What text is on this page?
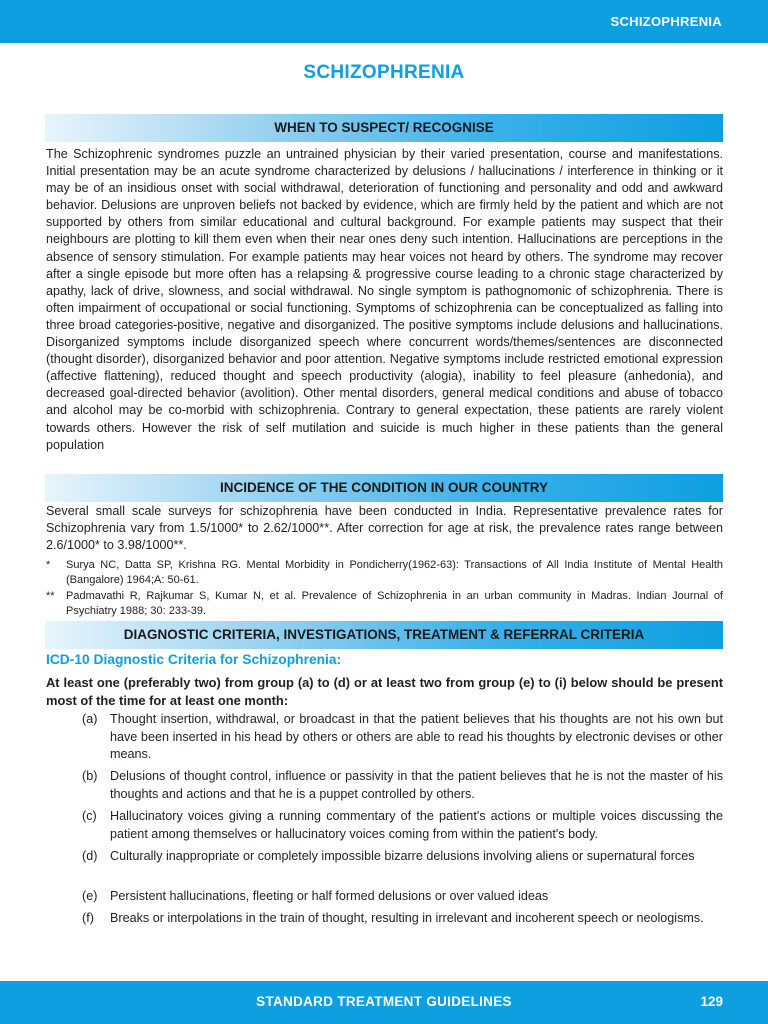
SCHIZOPHRENIA
SCHIZOPHRENIA
WHEN TO SUSPECT/ RECOGNISE

The Schizophrenic syndromes puzzle an untrained physician by their varied presentation, course and manifestations. Initial presentation may be an acute syndrome characterized by delusions / hallucinations / interference in thinking or it may be of an insidious onset with social withdrawal, deterioration of functioning and personality and odd and awkward behavior. Delusions are unproven beliefs not backed by evidence, which are firmly held by the patient and which are not supported by others from similar educational and cultural background. For example patients may suspect that their neighbours are plotting to kill them even when their near ones deny such intention. Hallucinations are perceptions in the absence of sensory stimulation. For example patients may hear voices not heard by others. The syndrome may recover after a single episode but more often has a relapsing & progressive course leading to a chronic stage characterized by apathy, lack of drive, slowness, and social withdrawal. No single symptom is pathognomonic of schizophrenia. There is often impairment of occupational or social functioning. Symptoms of schizophrenia can be conceptualized as falling into three broad categories-positive, negative and disorganized. The positive symptoms include delusions and hallucinations. Disorganized symptoms include disorganized speech where concurrent words/themes/sentences are disconnected (thought disorder), disorganized behavior and poor attention. Negative symptoms include restricted emotional expression (affective flattening), reduced thought and speech productivity (alogia), inability to feel pleasure (anhedonia), and decreased goal-directed behavior (avolition). Other mental disorders, general medical conditions and abuse of tobacco and alcohol may be co-morbid with schizophrenia. Contrary to general expectation, these patients are rarely violent towards others. However the risk of self mutilation and suicide is much higher in these patients than the general population

INCIDENCE OF THE CONDITION IN OUR COUNTRY

Several small scale surveys for schizophrenia have been conducted in India. Representative prevalence rates for Schizophrenia vary from 1.5/1000* to 2.62/1000**. After correction for age at risk, the prevalence rates range between 2.6/1000* to 3.98/1000**.

* Surya NC, Datta SP, Krishna RG. Mental Morbidity in Pondicherry(1962-63): Transactions of All India Institute of Mental Health (Bangalore) 1964;A: 50-61.
** Padmavathi R, Rajkumar S, Kumar N, et al. Prevalence of Schizophrenia in an urban community in Madras. Indian Journal of Psychiatry 1988; 30: 233-39.
DIAGNOSTIC CRITERIA, INVESTIGATIONS, TREATMENT & REFERRAL CRITERIA
ICD-10 Diagnostic Criteria for Schizophrenia:

At least one (preferably two) from group (a) to (d) or at least two from group (e) to (i) below should be present most of the time for at least one month:

(a) Thought insertion, withdrawal, or broadcast in that the patient believes that his thoughts are not his own but have been inserted in his head by others or others are able to read his thoughts by electronic devises or other means.
(b) Delusions of thought control, influence or passivity in that the patient believes that he is not the master of his thoughts and actions and that he is a puppet controlled by others.
(c) Hallucinatory voices giving a running commentary of the patient's actions or multiple voices discussing the patient among themselves or hallucinatory voices coming from within the patient's body.
(d) Culturally inappropriate or completely impossible bizarre delusions involving aliens or supernatural forces
(e) Persistent hallucinations, fleeting or half formed delusions or over valued ideas
(f) Breaks or interpolations in the train of thought, resulting in irrelevant and incoherent speech or neologisms.
STANDARD TREATMENT GUIDELINES	129
